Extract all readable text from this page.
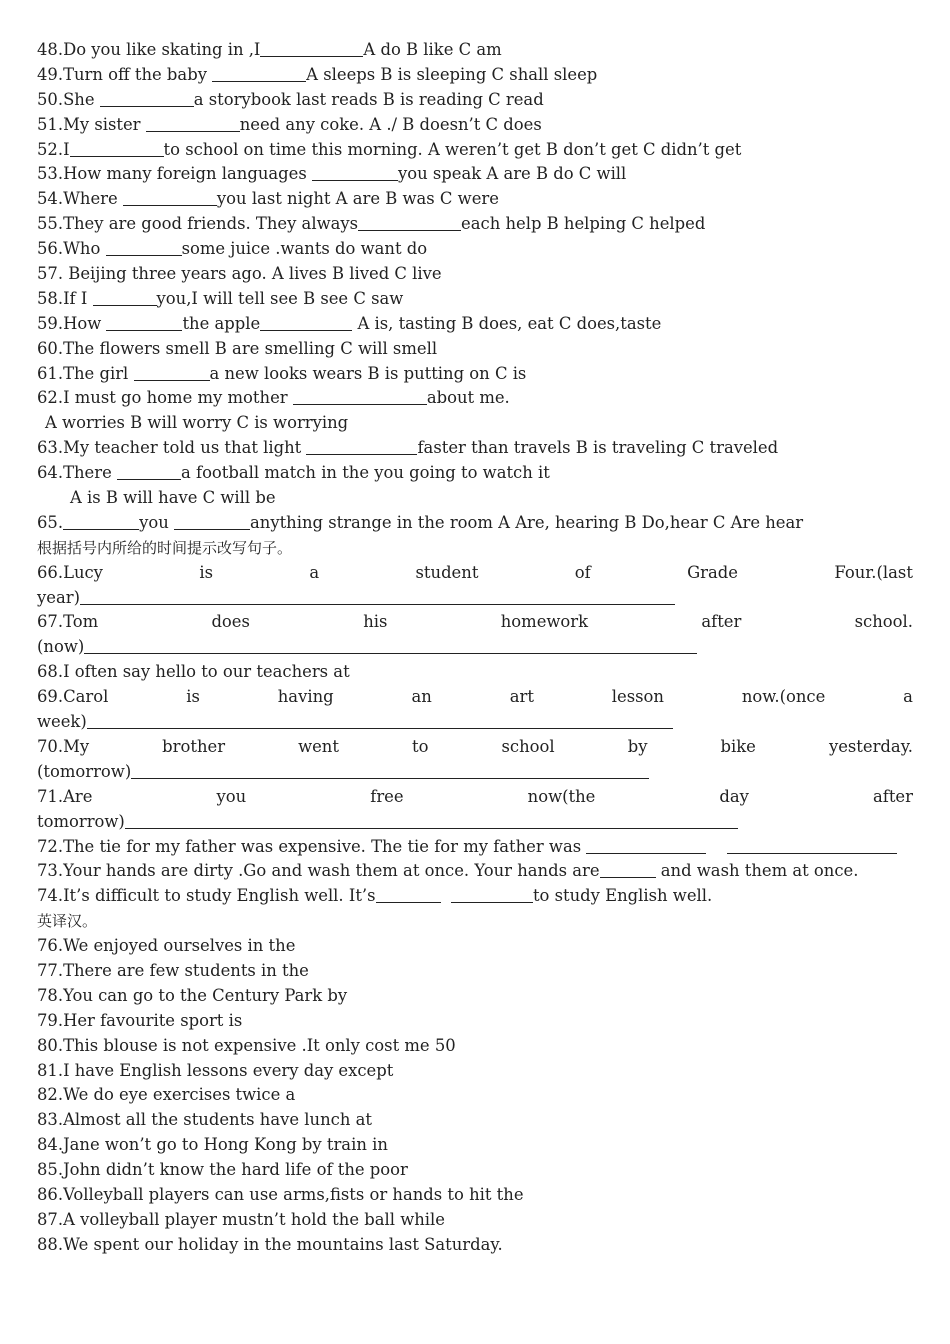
48.Do you like skating in ,I	A do B like C am
49.Turn off the baby	A sleeps B is sleeping C shall sleep
50.She	a storybook last reads B is reading C read
51.My sister	need any coke. A ./ B doesn’t C does
52.I	to school on time this morning. A weren’t get B don’t get C didn’t get
53.How many foreign languages	you speak A are B do C will
54.Where	you last night A are B was C were
55.They are good friends. They always	each help B helping C helped
56.Who	some juice .wants do want do
57. Beijing three years ago. A lives B lived C live
58.If I	you,I will tell see B see C saw
59.How	the apple	A is, tasting B does, eat C does,taste
60.The flowers smell B are smelling C will smell
61.The girl	a new looks wears B is putting on C is
62.I must go home my mother	about me.
A worries B will worry C is worrying
63.My teacher told us that light	faster than travels B is traveling C traveled
64.There	a football match in the you going to watch it
A is B will have C will be
65.	you	anything strange in the room A Are, hearing B Do,hear C Are hear
根据括号内所给的时间提示改写句子。
66.Lucy	is	a	student	of	Grade	Four.(last
year)
67.Tom	does	his	homework	after	school.
(now)
68.I often say hello to our teachers at
69.Carol	is	having	an	art	lesson	now.(once	a
week)
70.My	brother	went	to	school	by	bike	yesterday.
(tomorrow)
71.Are	you	free	now(the	day	after
tomorrow)
72.The tie for my father was expensive. The tie for my father was
73.Your hands are dirty .Go and wash them at once. Your hands are	and wash them at once.
74.It’s difficult to study English well. It’s	to study English well.
英译汉。
76.We enjoyed ourselves in the
77.There are few students in the
78.You can go to the Century Park by
79.Her favourite sport is
80.This blouse is not expensive .It only cost me 50
81.I have English lessons every day except
82.We do eye exercises twice a
83.Almost all the students have lunch at
84.Jane won’t go to Hong Kong by train in
85.John didn’t know the hard life of the poor
86.Volleyball players can use arms,fists or hands to hit the
87.A volleyball player mustn’t hold the ball while
88.We spent our holiday in the mountains last Saturday.
